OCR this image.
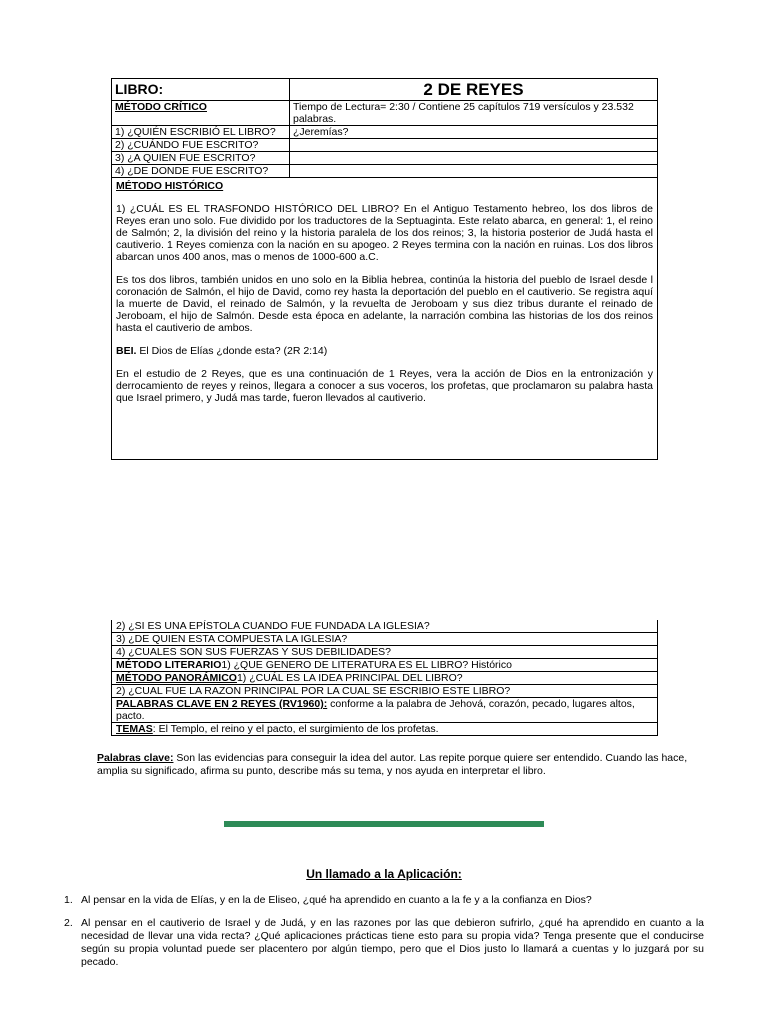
LIBRO:	2 DE REYES
MÉTODO CRÍTICO	Tiempo de Lectura= 2:30 / Contiene 25 capítulos 719 versículos y 23.532 palabras.
1) ¿QUIÉN ESCRIBIÓ EL LIBRO?	¿Jeremías?
2) ¿CUÁNDO FUE ESCRITO?
3) ¿A QUIEN FUE ESCRITO?
4) ¿DE DONDE FUE ESCRITO?
MÉTODO HISTÓRICO

1) ¿CUÁL ES EL TRASFONDO HISTÓRICO DEL LIBRO? En el Antiguo Testamento hebreo, los dos libros de Reyes eran uno solo. Fue dividido por los traductores de la Septuaginta. Este relato abarca, en general: 1, el reino de Salmón; 2, la división del reino y la historia paralela de los dos reinos; 3, la historia posterior de Judá hasta el cautiverio. 1 Reyes comienza con la nación en su apogeo. 2 Reyes termina con la nación en ruinas. Los dos libros abarcan unos 400 anos, mas o menos de 1000-600 a.C.

Es tos dos libros, también unidos en uno solo en la Biblia hebrea, continúa la historia del pueblo de Israel desde l coronación de Salmón, el hijo de David, como rey hasta la deportación del pueblo en el cautiverio. Se registra aquí la muerte de David, el reinado de Salmón, y la revuelta de Jeroboam y sus diez tribus durante el reinado de Jeroboam, el hijo de Salmón. Desde esta época en adelante, la narración combina las historias de los dos reinos hasta el cautiverio de ambos.

BEI. El Dios de Elías ¿donde esta? (2R 2:14)

En el estudio de 2 Reyes, que es una continuación de 1 Reyes, vera la acción de Dios en la entronización y derrocamiento de reyes y reinos, llegara a conocer a sus voceros, los profetas, que proclamaron su palabra hasta que Israel primero, y Judá mas tarde, fueron llevados al cautiverio.

2) ¿SI ES UNA EPÍSTOLA CUANDO FUE FUNDADA LA IGLESIA?
3) ¿DE QUIEN ESTA COMPUESTA LA IGLESIA?
4) ¿CUALES SON SUS FUERZAS Y SUS DEBILIDADES?
MÉTODO LITERARIO1) ¿QUE GENERO DE LITERATURA ES EL LIBRO? Histórico
MÉTODO PANORÁMICO1) ¿CUÁL ES LA IDEA PRINCIPAL DEL LIBRO?
2) ¿CUAL FUE LA RAZON PRINCIPAL POR LA CUAL SE ESCRIBIO ESTE LIBRO?
PALABRAS CLAVE EN 2 REYES (RV1960): conforme a la palabra de Jehová, corazón, pecado, lugares altos, pacto.
TEMAS: El Templo, el reino y el pacto, el surgimiento de los profetas.
Palabras clave: Son las evidencias para conseguir la idea del autor. Las repite porque quiere ser entendido. Cuando las hace, amplia su significado, afirma su punto, describe más su tema, y nos ayuda en interpretar el libro.
Un llamado a la Aplicación:
1. Al pensar en la vida de Elías, y en la de Eliseo, ¿qué ha aprendido en cuanto a la fe y a la confianza en Dios?
2. Al pensar en el cautiverio de Israel y de Judá, y en las razones por las que debieron sufrirlo, ¿qué ha aprendido en cuanto a la necesidad de llevar una vida recta? ¿Qué aplicaciones prácticas tiene esto para su propia vida? Tenga presente que el conducirse según su propia voluntad puede ser placentero por algún tiempo, pero que el Dios justo lo llamará a cuentas y lo juzgará por su pecado.
